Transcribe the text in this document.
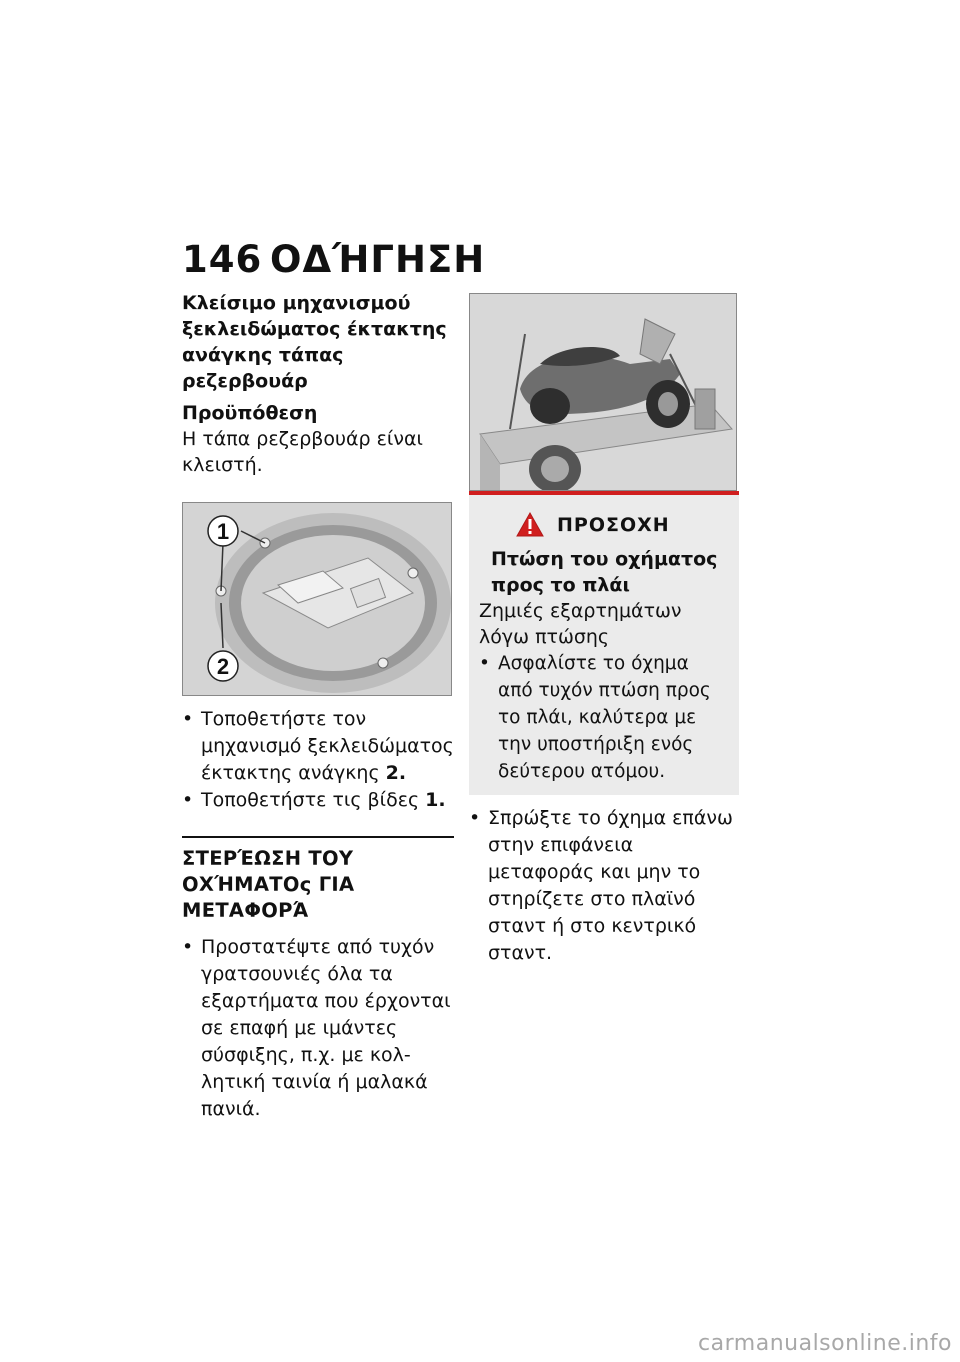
146 ΟΔΉΓΗΣΗ
Κλείσιμο μηχανισμού ξεκλειδώματος έκτακτης ανάγκης τάπας ρεζερβουάρ
Προϋπόθεση
Η τάπα ρεζερβουάρ είναι κλειστή.
1
2
• Τοποθετήστε τον μηχανισμό ξεκλειδώματος έκτακτης ανάγκης 2.
• Τοποθετήστε τις βίδες 1.
ΣΤΕΡΈΩΣΗ ΤΟΥ ΟΧΉΜΑΤΟς ΓΙΑ ΜΕΤΑΦΟΡΆ
• Προστατέψτε από τυχόν γρατσουνιές όλα τα εξαρτήματα που έρχονται σε επαφή με ιμάντες σύσφιξης, π.χ. με κολλητική ταινία ή μαλακά πανιά.
ΠΡΟΣΟΧΗ
Πτώση του οχήματος προς το πλάι
Ζημιές εξαρτημάτων λόγω πτώσης
• Ασφαλίστε το όχημα από τυχόν πτώση προς το πλάι, καλύτερα με την υποστήριξη ενός δεύτερου ατόμου.
• Σπρώξτε το όχημα επάνω στην επιφάνεια μεταφοράς και μην το στηρίζετε στο πλαϊνό σταντ ή στο κεντρικό σταντ.
carmanualsonline.info
